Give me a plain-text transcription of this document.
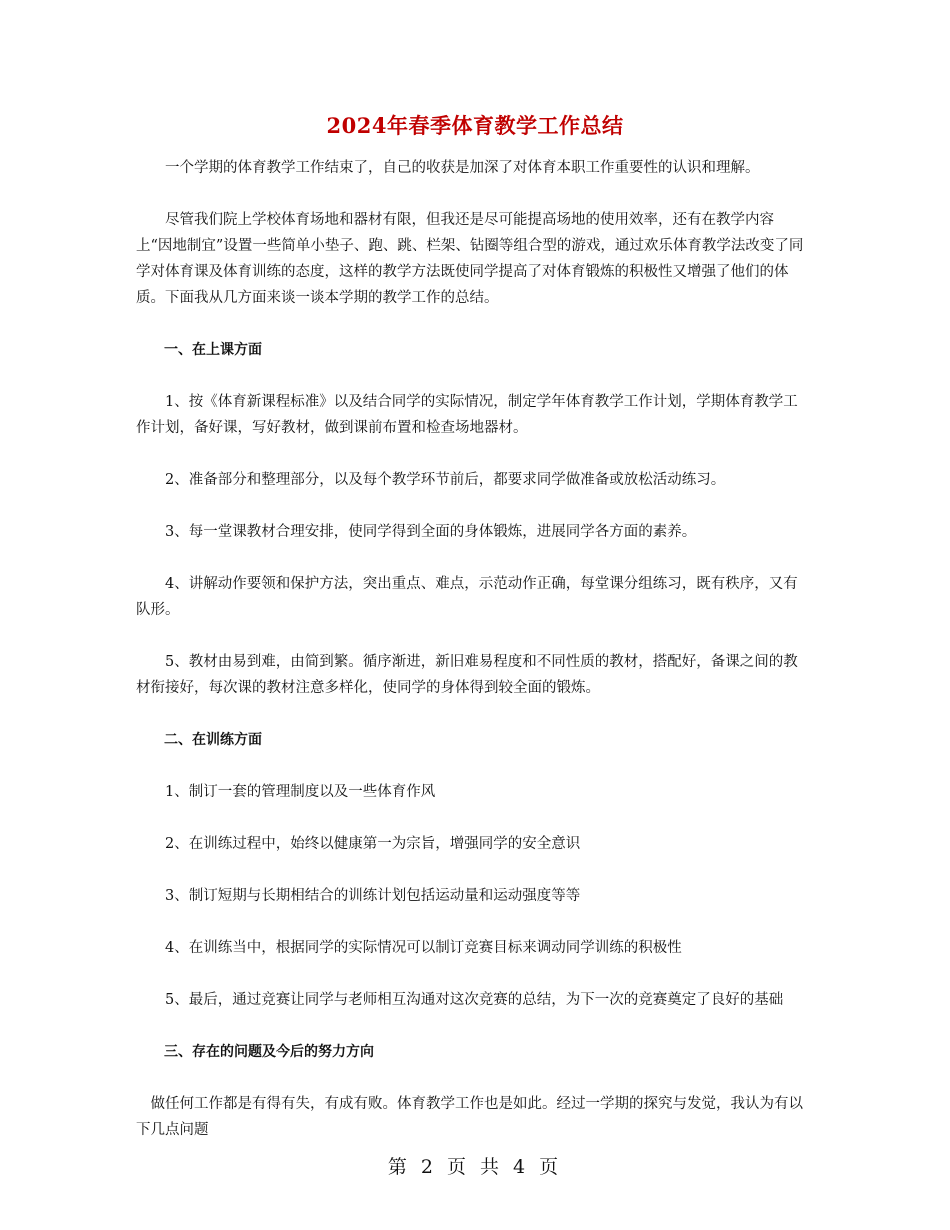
2024年春季体育教学工作总结

一个学期的体育教学工作结束了，自己的收获是加深了对体育本职工作重要性的认识和理解。

尽管我们院上学校体育场地和器材有限，但我还是尽可能提高场地的使用效率，还有在教学内容上“因地制宜”设置一些简单小垫子、跑、跳、栏架、钻圈等组合型的游戏，通过欢乐体育教学法改变了同学对体育课及体育训练的态度，这样的教学方法既使同学提高了对体育锻炼的积极性又增强了他们的体质。下面我从几方面来谈一谈本学期的教学工作的总结。

一、在上课方面

1、按《体育新课程标准》以及结合同学的实际情况，制定学年体育教学工作计划，学期体育教学工作计划，备好课，写好教材，做到课前布置和检查场地器材。

2、准备部分和整理部分，以及每个教学环节前后，都要求同学做准备或放松活动练习。

3、每一堂课教材合理安排，使同学得到全面的身体锻炼，进展同学各方面的素养。

4、讲解动作要领和保护方法，突出重点、难点，示范动作正确，每堂课分组练习，既有秩序，又有队形。

5、教材由易到难，由简到繁。循序渐进，新旧难易程度和不同性质的教材，搭配好，备课之间的教材衔接好，每次课的教材注意多样化，使同学的身体得到较全面的锻炼。

二、在训练方面

1、制订一套的管理制度以及一些体育作风

2、在训练过程中，始终以健康第一为宗旨，增强同学的安全意识

3、制订短期与长期相结合的训练计划包括运动量和运动强度等等

4、在训练当中，根据同学的实际情况可以制订竞赛目标来调动同学训练的积极性

5、最后，通过竞赛让同学与老师相互沟通对这次竞赛的总结，为下一次的竞赛奠定了良好的基础

三、存在的问题及今后的努力方向

做任何工作都是有得有失，有成有败。体育教学工作也是如此。经过一学期的探究与发觉，我认为有以下几点问题

第 2 页 共 4 页
